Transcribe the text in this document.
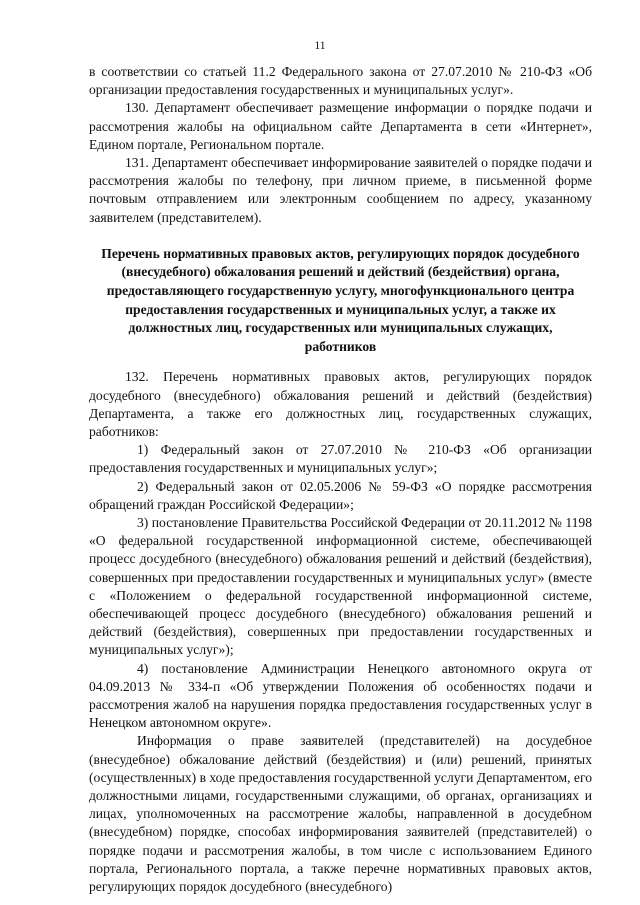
11

в соответствии со статьей 11.2 Федерального закона от 27.07.2010 № 210-ФЗ «Об организации предоставления государственных и муниципальных услуг».

130. Департамент обеспечивает размещение информации о порядке подачи и рассмотрения жалобы на официальном сайте Департамента в сети «Интернет», Едином портале, Региональном портале.

131. Департамент обеспечивает информирование заявителей о порядке подачи и рассмотрения жалобы по телефону, при личном приеме, в письменной форме почтовым отправлением или электронным сообщением по адресу, указанному заявителем (представителем).

Перечень нормативных правовых актов, регулирующих порядок досудебного (внесудебного) обжалования решений и действий (бездействия) органа, предоставляющего государственную услугу, многофункционального центра предоставления государственных и муниципальных услуг, а также их должностных лиц, государственных или муниципальных служащих, работников

132. Перечень нормативных правовых актов, регулирующих порядок досудебного (внесудебного) обжалования решений и действий (бездействия) Департамента, а также его должностных лиц, государственных служащих, работников:

1) Федеральный закон от 27.07.2010 № 210-ФЗ «Об организации предоставления государственных и муниципальных услуг»;

2) Федеральный закон от 02.05.2006 № 59-ФЗ «О порядке рассмотрения обращений граждан Российской Федерации»;

3) постановление Правительства Российской Федерации от 20.11.2012 № 1198 «О федеральной государственной информационной системе, обеспечивающей процесс досудебного (внесудебного) обжалования решений и действий (бездействия), совершенных при предоставлении государственных и муниципальных услуг» (вместе с «Положением о федеральной государственной информационной системе, обеспечивающей процесс досудебного (внесудебного) обжалования решений и действий (бездействия), совершенных при предоставлении государственных и муниципальных услуг»);

4) постановление Администрации Ненецкого автономного округа от 04.09.2013 № 334-п «Об утверждении Положения об особенностях подачи и рассмотрения жалоб на нарушения порядка предоставления государственных услуг в Ненецком автономном округе».

Информация о праве заявителей (представителей) на досудебное (внесудебное) обжалование действий (бездействия) и (или) решений, принятых (осуществленных) в ходе предоставления государственной услуги Департаментом, его должностными лицами, государственными служащими, об органах, организациях и лицах, уполномоченных на рассмотрение жалобы, направленной в досудебном (внесудебном) порядке, способах информирования заявителей (представителей) о порядке подачи и рассмотрения жалобы, в том числе с использованием Единого портала, Регионального портала, а также перечне нормативных правовых актов, регулирующих порядок досудебного (внесудебного)
